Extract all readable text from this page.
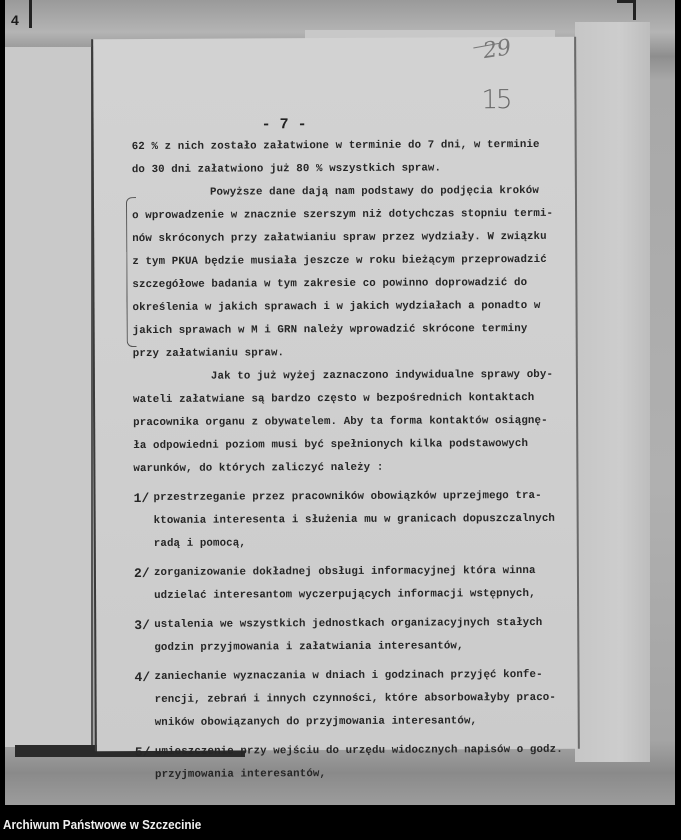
4
29
15
- 7 -
62 % z nich zostało załatwione w terminie do 7 dni, w terminie
do 30 dni załatwiono już 80 % wszystkich spraw.
Powyższe dane dają nam podstawy do podjęcia kroków
o wprowadzenie w znacznie szerszym niż dotychczas stopniu termi-
nów skróconych przy załatwianiu spraw przez wydziały. W związku
z tym PKUA będzie musiała jeszcze w roku bieżącym przeprowadzić
szczegółowe badania w tym zakresie co powinno doprowadzić do
określenia w jakich sprawach i w jakich wydziałach a ponadto w
jakich sprawach w M i GRN należy wprowadzić skrócone terminy
przy załatwianiu spraw.
Jak to już wyżej zaznaczono indywidualne sprawy oby-
wateli załatwiane są bardzo często w bezpośrednich kontaktach
pracownika organu z obywatelem. Aby ta forma kontaktów osiągnę-
ła odpowiedni poziom musi być spełnionych kilka podstawowych
warunków, do których zaliczyć należy :
1/ przestrzeganie przez pracowników obowiązków uprzejmego tra-
ktowania interesenta i służenia mu w granicach dopuszczalnych
radą i pomocą,
2/ zorganizowanie dokładnej obsługi informacyjnej która winna
udzielać interesantom wyczerpujących informacji wstępnych,
3/ ustalenia we wszystkich jednostkach organizacyjnych stałych
godzin przyjmowania i załatwiania interesantów,
4/ zaniechanie wyznaczania w dniach i godzinach przyjęć konfe-
rencji, zebrań i innych czynności, które absorbowałyby praco-
wników obowiązanych do przyjmowania interesantów,
5/ umieszczenie przy wejściu do urzędu widocznych napisów o godz.
przyjmowania interesantów,
Archiwum Państwowe w Szczecinie
